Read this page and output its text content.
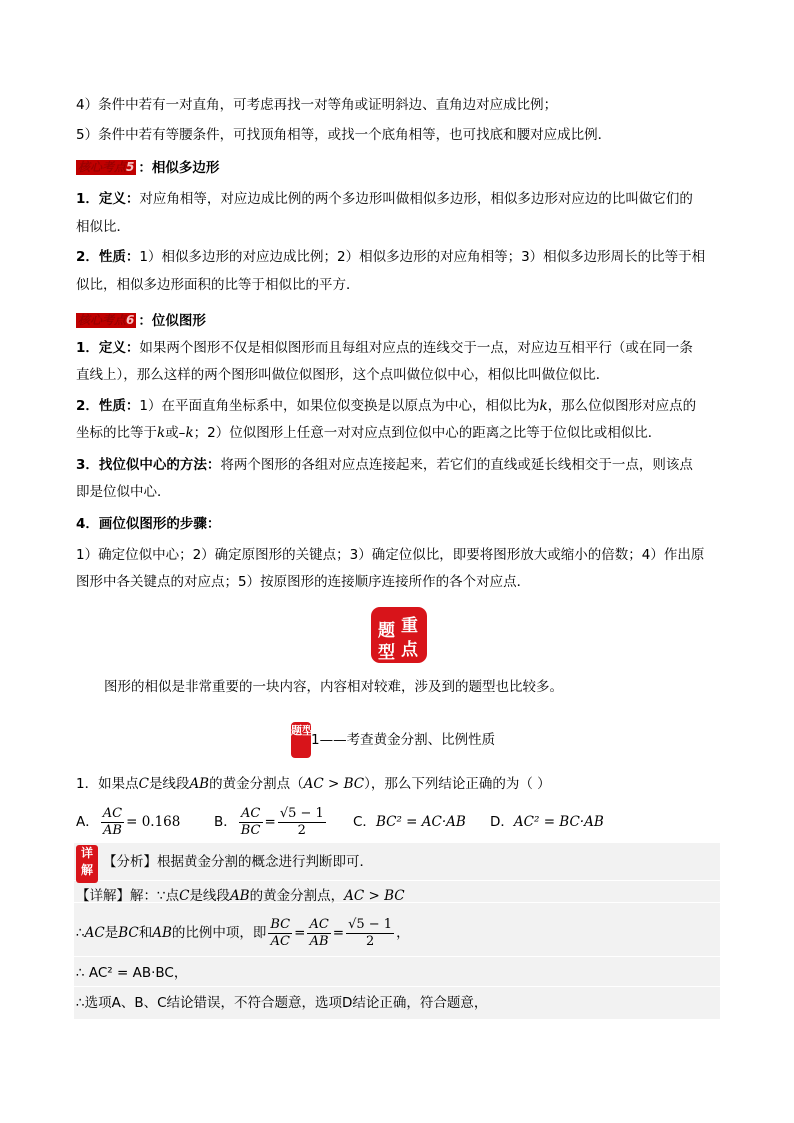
4）条件中若有一对直角，可考虑再找一对等角或证明斜边、直角边对应成比例；
5）条件中若有等腰条件，可找顶角相等，或找一个底角相等，也可找底和腰对应成比例．
核心考点5 ：相似多边形
1．定义：对应角相等，对应边成比例的两个多边形叫做相似多边形，相似多边形对应边的比叫做它们的
相似比．
2．性质：1）相似多边形的对应边成比例；2）相似多边形的对应角相等；3）相似多边形周长的比等于相
似比，相似多边形面积的比等于相似比的平方．
核心考点6 ：位似图形
1．定义：如果两个图形不仅是相似图形而且每组对应点的连线交于一点，对应边互相平行（或在同一条
直线上），那么这样的两个图形叫做位似图形，这个点叫做位似中心，相似比叫做位似比．
2．性质：1）在平面直角坐标系中，如果位似变换是以原点为中心，相似比为k，那么位似图形对应点的
坐标的比等于k或–k；2）位似图形上任意一对对应点到位似中心的距离之比等于位似比或相似比．
3．找位似中心的方法：将两个图形的各组对应点连接起来，若它们的直线或延长线相交于一点，则该点
即是位似中心．
4．画位似图形的步骤：
1）确定位似中心；2）确定原图形的关键点；3）确定位似比，即要将图形放大或缩小的倍数；4）作出原
图形中各关键点的对应点；5）按原图形的连接顺序连接所作的各个对应点．
重
点
题
型
图形的相似是非常重要的一块内容，内容相对较难，涉及到的题型也比较多。
题型1——考查黄金分割、比例性质
1．如果点C是线段AB的黄金分割点（AC > BC），那么下列结论正确的为（ ）
A． $\frac{AC}{AB} = 0.168$ B． $\frac{AC}{BC} = \frac{√5 - 1}{2}$ C．BC² = AC·AB D．AC² = BC·AB
详解 【分析】根据黄金分割的概念进行判断即可．
【详解】解：∵点C是线段AB的黄金分割点，AC > BC
∴AC是BC和AB的比例中项，即 $\frac{BC}{AC} = \frac{AC}{AB} = \frac{√5 - 1}{2}$ ，
∴ AC² = AB·BC，
∴选项A、B、C结论错误，不符合题意，选项D结论正确，符合题意，
